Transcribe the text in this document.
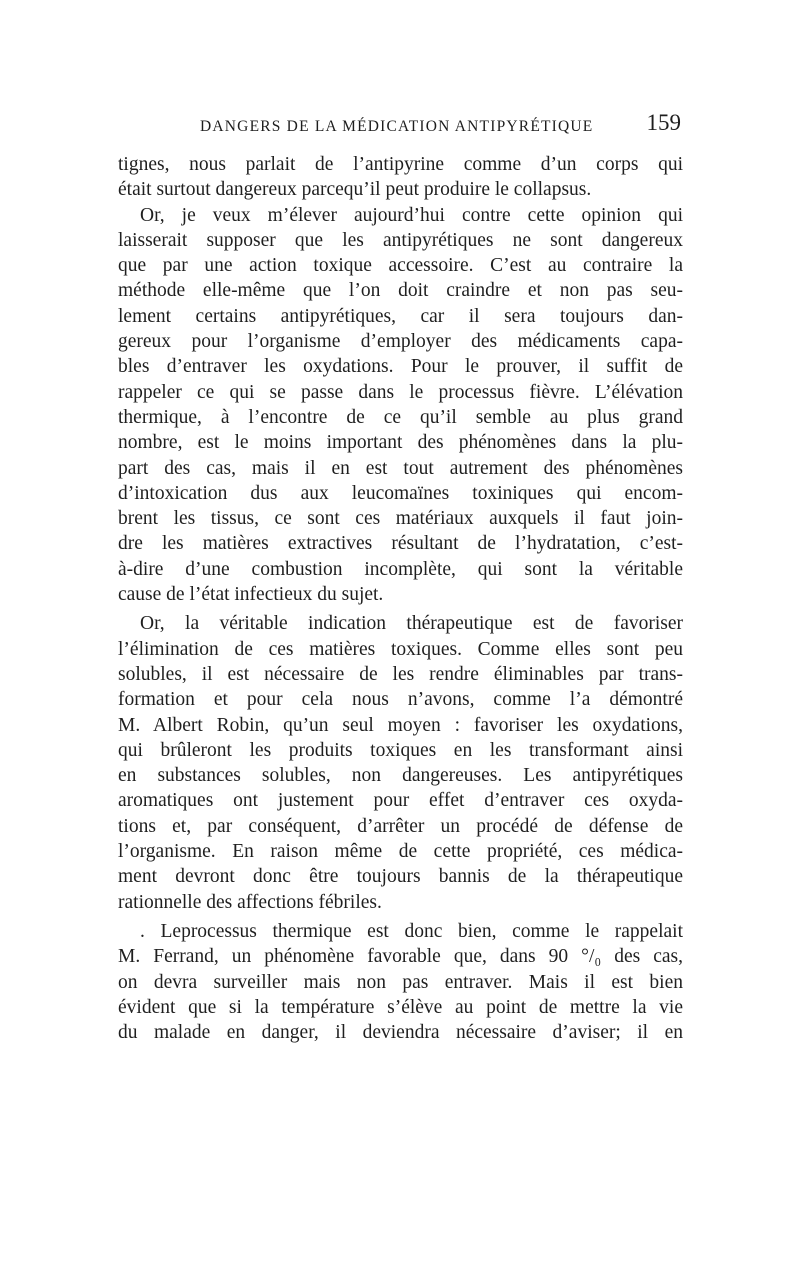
DANGERS DE LA MÉDICATION ANTIPYRÉTIQUE 159
tignes, nous parlait de l’antipyrine comme d’un corps qui
était surtout dangereux parcequ’il peut produire le collapsus.
Or, je veux m’élever aujourd’hui contre cette opinion qui
laisserait supposer que les antipyrétiques ne sont dangereux
que par une action toxique accessoire. C’est au contraire la
méthode elle-même que l’on doit craindre et non pas seu-
lement certains antipyrétiques, car il sera toujours dan-
gereux pour l’organisme d’employer des médicaments capa-
bles d’entraver les oxydations. Pour le prouver, il suffit de
rappeler ce qui se passe dans le processus fièvre. L’élévation
thermique, à l’encontre de ce qu’il semble au plus grand
nombre, est le moins important des phénomènes dans la plu-
part des cas, mais il en est tout autrement des phénomènes
d’intoxication dus aux leucomaïnes toxiniques qui encom-
brent les tissus, ce sont ces matériaux auxquels il faut join-
dre les matières extractives résultant de l’hydratation, c’est-
à-dire d’une combustion incomplète, qui sont la véritable
cause de l’état infectieux du sujet.
Or, la véritable indication thérapeutique est de favoriser
l’élimination de ces matières toxiques. Comme elles sont peu
solubles, il est nécessaire de les rendre éliminables par trans-
formation et pour cela nous n’avons, comme l’a démontré
M. Albert Robin, qu’un seul moyen : favoriser les oxydations,
qui brûleront les produits toxiques en les transformant ainsi
en substances solubles, non dangereuses. Les antipyrétiques
aromatiques ont justement pour effet d’entraver ces oxyda-
tions et, par conséquent, d’arrêter un procédé de défense de
l’organisme. En raison même de cette propriété, ces médica-
ment devront donc être toujours bannis de la thérapeutique
rationnelle des affections fébriles.
. Leprocessus thermique est donc bien, comme le rappelait
M. Ferrand, un phénomène favorable que, dans 90 °/₀ des cas,
on devra surveiller mais non pas entraver. Mais il est bien
évident que si la température s’élève au point de mettre la vie
du malade en danger, il deviendra nécessaire d’aviser; il en
